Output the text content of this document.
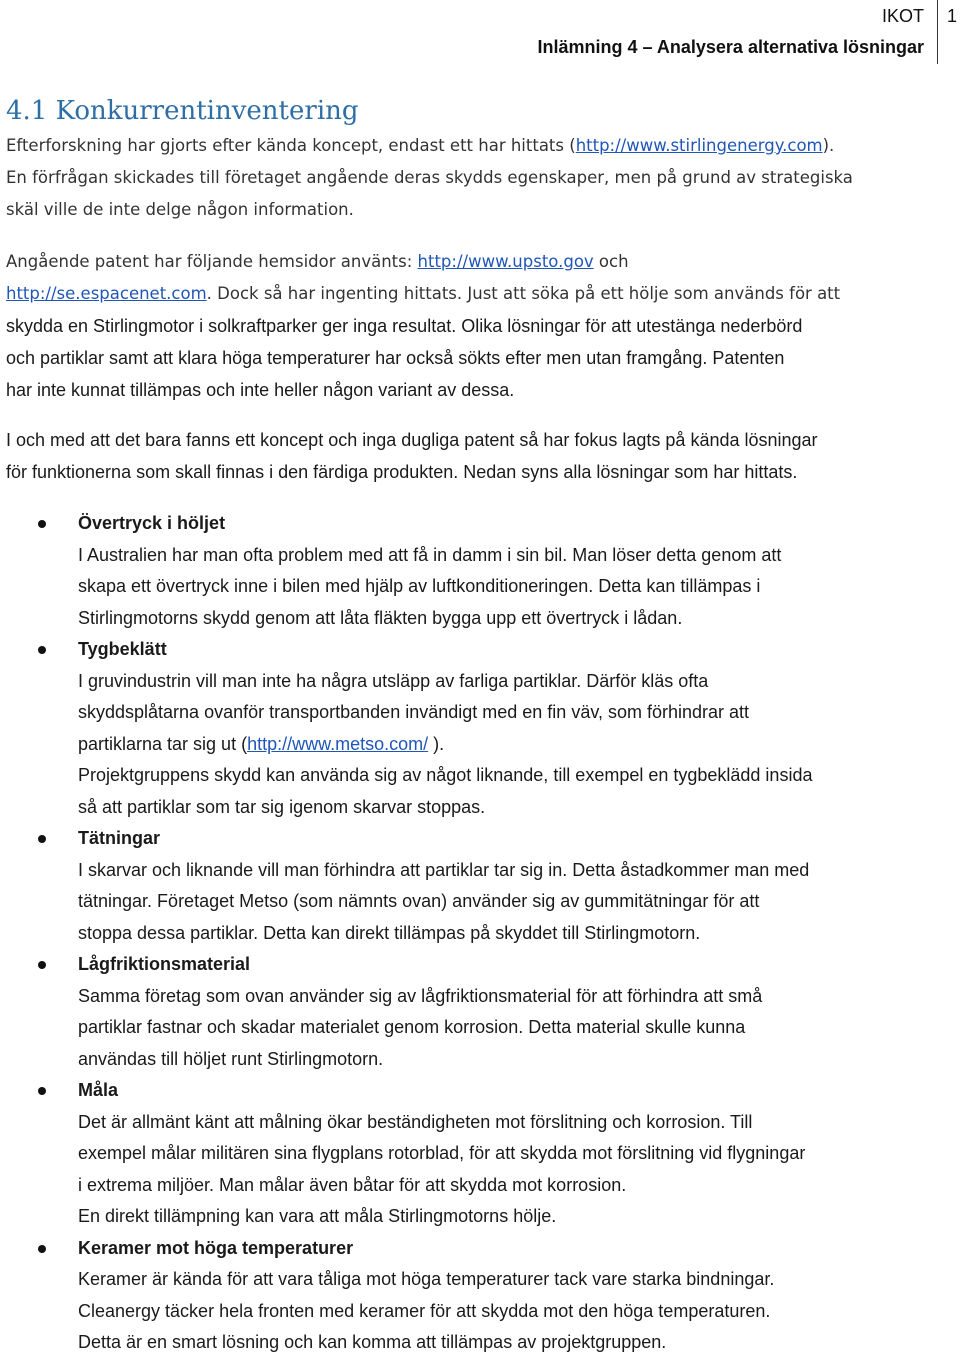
IKOT
Inlämning 4 – Analysera alternativa lösningar
1
4.1 Konkurrentinventering
Efterforskning har gjorts efter kända koncept, endast ett har hittats (http://www.stirlingenergy.com).
En förfrågan skickades till företaget angående deras skydds egenskaper, men på grund av strategiska
skäl ville de inte delge någon information.
Angående patent har följande hemsidor använts: http://www.upsto.gov och
http://se.espacenet.com. Dock så har ingenting hittats. Just att söka på ett hölje som används för att
skydda en Stirlingmotor i solkraftparker ger inga resultat. Olika lösningar för att utestänga nederbörd
och partiklar samt att klara höga temperaturer har också sökts efter men utan framgång. Patenten
har inte kunnat tillämpas och inte heller någon variant av dessa.
I och med att det bara fanns ett koncept och inga dugliga patent så har fokus lagts på kända lösningar
för funktionerna som skall finnas i den färdiga produkten. Nedan syns alla lösningar som har hittats.
Övertryck i höljet
I Australien har man ofta problem med att få in damm i sin bil. Man löser detta genom att
skapa ett övertryck inne i bilen med hjälp av luftkonditioneringen. Detta kan tillämpas i
Stirlingmotorns skydd genom att låta fläkten bygga upp ett övertryck i lådan.
Tygbeklätt
I gruvindustrin vill man inte ha några utsläpp av farliga partiklar. Därför kläs ofta
skyddsplåtarna ovanför transportbanden invändigt med en fin väv, som förhindrar att
partiklarna tar sig ut (http://www.metso.com/ ).
Projektgruppens skydd kan använda sig av något liknande, till exempel en tygbeklädd insida
så att partiklar som tar sig igenom skarvar stoppas.
Tätningar
I skarvar och liknande vill man förhindra att partiklar tar sig in. Detta åstadkommer man med
tätningar. Företaget Metso (som nämnts ovan) använder sig av gummitätningar för att
stoppa dessa partiklar. Detta kan direkt tillämpas på skyddet till Stirlingmotorn.
Lågfriktionsmaterial
Samma företag som ovan använder sig av lågfriktionsmaterial för att förhindra att små
partiklar fastnar och skadar materialet genom korrosion. Detta material skulle kunna
användas till höljet runt Stirlingmotorn.
Måla
Det är allmänt känt att målning ökar beständigheten mot förslitning och korrosion. Till
exempel målar militären sina flygplans rotorblad, för att skydda mot förslitning vid flygningar
i extrema miljöer. Man målar även båtar för att skydda mot korrosion.
En direkt tillämpning kan vara att måla Stirlingmotorns hölje.
Keramer mot höga temperaturer
Keramer är kända för att vara tåliga mot höga temperaturer tack vare starka bindningar.
Cleanergy täcker hela fronten med keramer för att skydda mot den höga temperaturen.
Detta är en smart lösning och kan komma att tillämpas av projektgruppen.
